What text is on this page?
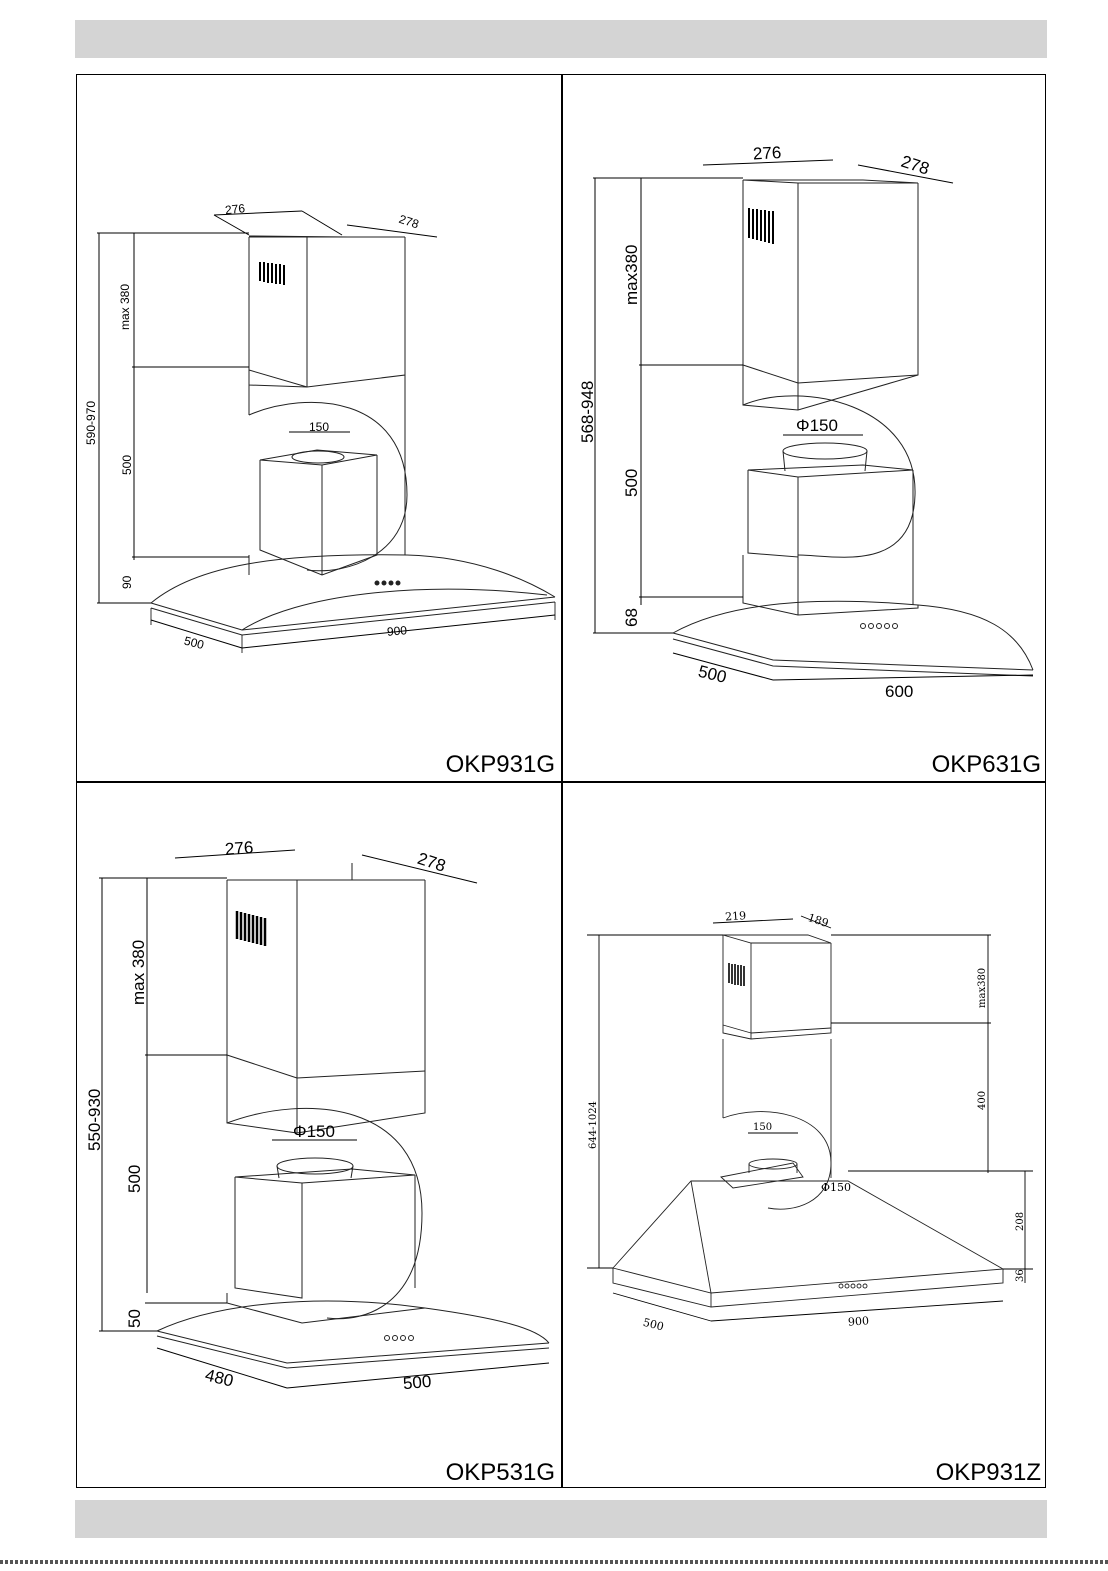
276
278
max 380
590-970
500
150
90
500
900
OKP931G
276	278
max380
568-948
500
Φ150
68
500
600
OKP631G
276
278
max 380
550-930
500
Φ150
50
480	500
OKP531G
219	189
max380
644-1024
400
150
Φ150
208
36
500	900
OKP931Z
